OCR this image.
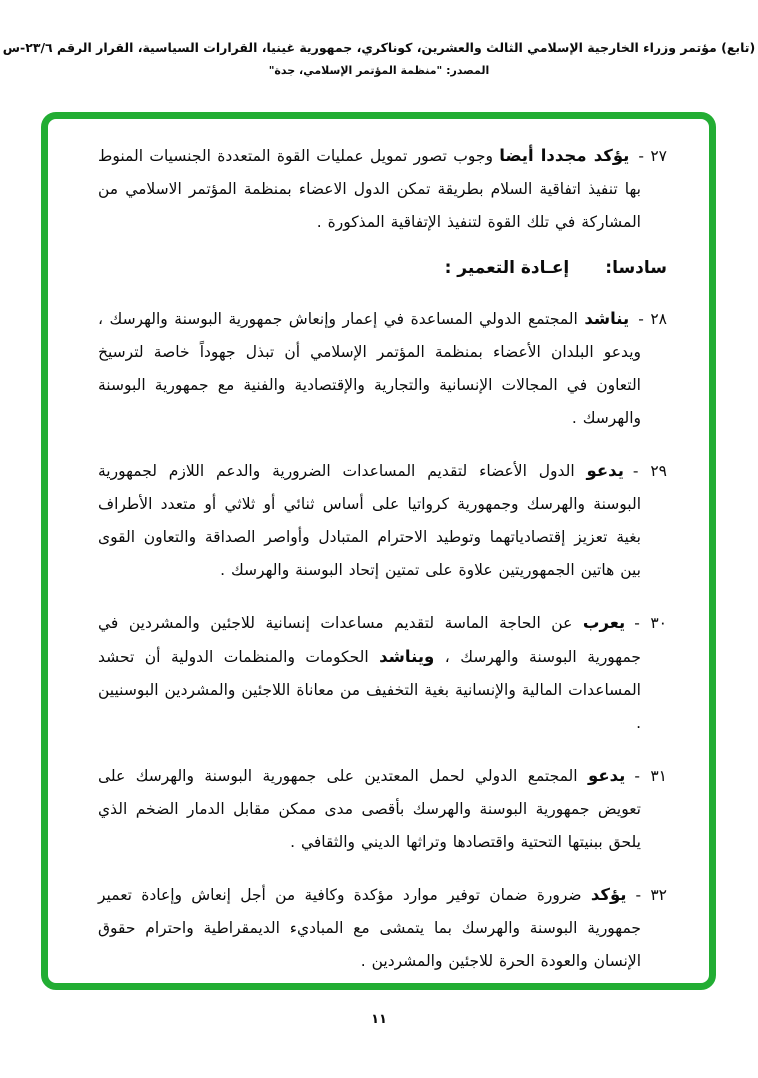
(تابع) مؤتمر وزراء الخارجية الإسلامي الثالث والعشرين، كوناكري، جمهورية غينيا، القرارات السياسية، القرار الرقم ٢٣/٦-س
المصدر: "منظمة المؤتمر الإسلامي، جدة"
٢٧ -يؤكد مجددا أيضا وجوب تصور تمويل عمليات القوة المتعددة الجنسيات المنوط بها تنفيذ اتفاقية السلام بطريقة تمكن الدول الاعضاء بمنظمة المؤتمر الاسلامي من المشاركة في تلك القوة لتنفيذ الإتفاقية المذكورة .
سادسا:إعـادة التعمير :
٢٨ -يناشد المجتمع الدولي المساعدة في إعمار وإنعاش جمهورية البوسنة والهرسك ، ويدعو البلدان الأعضاء بمنظمة المؤتمر الإسلامي أن تبذل جهوداً خاصة لترسيخ التعاون في المجالات الإنسانية والتجارية والإقتصادية والفنية مع جمهورية البوسنة والهرسك .
٢٩ -يدعو الدول الأعضاء لتقديم المساعدات الضرورية والدعم اللازم لجمهورية البوسنة والهرسك وجمهورية كرواتيا على أساس ثنائي أو ثلاثي أو متعدد الأطراف بغية تعزيز إقتصادياتهما وتوطيد الاحترام المتبادل وأواصر الصداقة والتعاون القوى بين هاتين الجمهوريتين علاوة على تمتين إتحاد البوسنة والهرسك .
٣٠ -يعرب عن الحاجة الماسة لتقديم مساعدات إنسانية للاجئين والمشردين في جمهورية البوسنة والهرسك ، ويناشد الحكومات والمنظمات الدولية أن تحشد المساعدات المالية والإنسانية بغية التخفيف من معاناة اللاجئين والمشردين البوسنيين .
٣١ -يدعو المجتمع الدولي لحمل المعتدين على جمهورية البوسنة والهرسك على تعويض جمهورية البوسنة والهرسك بأقصى مدى ممكن مقابل الدمار الضخم الذي يلحق ببنيتها التحتية واقتصادها وتراثها الديني والثقافي .
٣٢ -يؤكد ضرورة ضمان توفير موارد مؤكدة وكافية من أجل إنعاش وإعادة تعمير جمهورية البوسنة والهرسك بما يتمشى مع المباديء الديمقراطية واحترام حقوق الإنسان والعودة الحرة للاجئين والمشردين .
١١
